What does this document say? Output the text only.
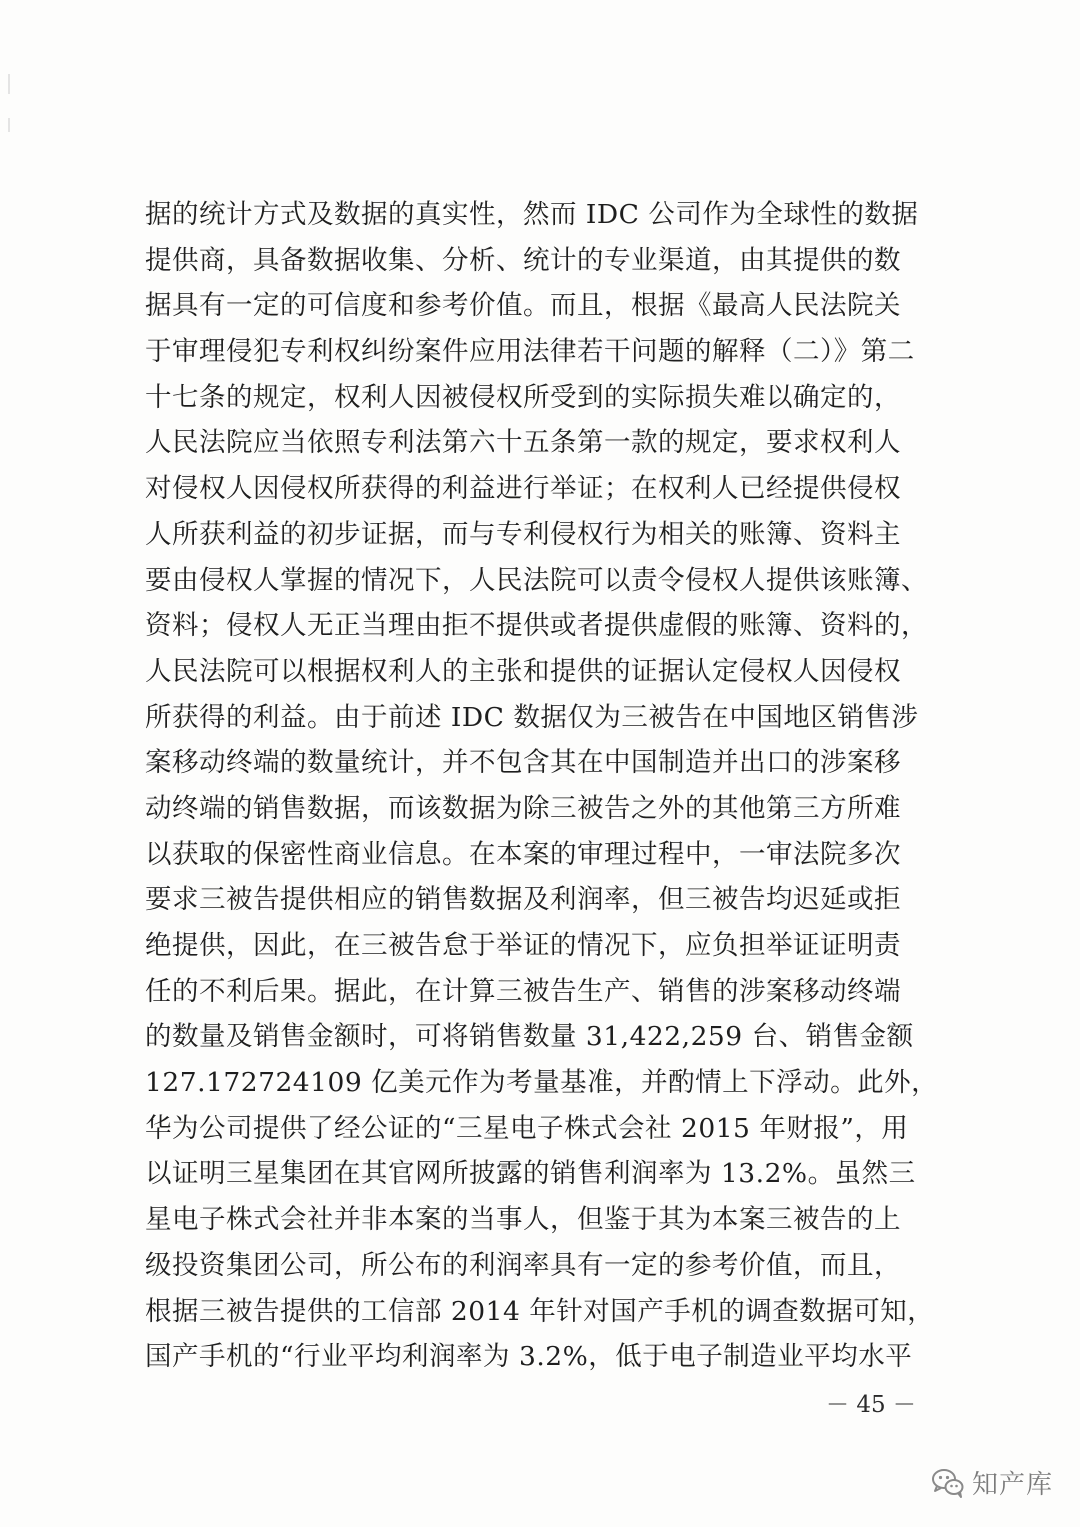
据的统计方式及数据的真实性，然而 IDC 公司作为全球性的数据
提供商，具备数据收集、分析、统计的专业渠道，由其提供的数
据具有一定的可信度和参考价值。而且，根据《最高人民法院关
于审理侵犯专利权纠纷案件应用法律若干问题的解释（二）》第二
十七条的规定，权利人因被侵权所受到的实际损失难以确定的，
人民法院应当依照专利法第六十五条第一款的规定，要求权利人
对侵权人因侵权所获得的利益进行举证；在权利人已经提供侵权
人所获利益的初步证据，而与专利侵权行为相关的账簿、资料主
要由侵权人掌握的情况下，人民法院可以责令侵权人提供该账簿、
资料；侵权人无正当理由拒不提供或者提供虚假的账簿、资料的，
人民法院可以根据权利人的主张和提供的证据认定侵权人因侵权
所获得的利益。由于前述 IDC 数据仅为三被告在中国地区销售涉
案移动终端的数量统计，并不包含其在中国制造并出口的涉案移
动终端的销售数据，而该数据为除三被告之外的其他第三方所难
以获取的保密性商业信息。在本案的审理过程中，一审法院多次
要求三被告提供相应的销售数据及利润率，但三被告均迟延或拒
绝提供，因此，在三被告怠于举证的情况下，应负担举证证明责
任的不利后果。据此，在计算三被告生产、销售的涉案移动终端
的数量及销售金额时，可将销售数量 31,422,259 台、销售金额
127.172724109 亿美元作为考量基准，并酌情上下浮动。此外，
华为公司提供了经公证的“三星电子株式会社 2015 年财报”，用
以证明三星集团在其官网所披露的销售利润率为 13.2%。虽然三
星电子株式会社并非本案的当事人，但鉴于其为本案三被告的上
级投资集团公司，所公布的利润率具有一定的参考价值，而且，
根据三被告提供的工信部 2014 年针对国产手机的调查数据可知，
国产手机的“行业平均利润率为 3.2%，低于电子制造业平均水平
－ 45 －
知产库
